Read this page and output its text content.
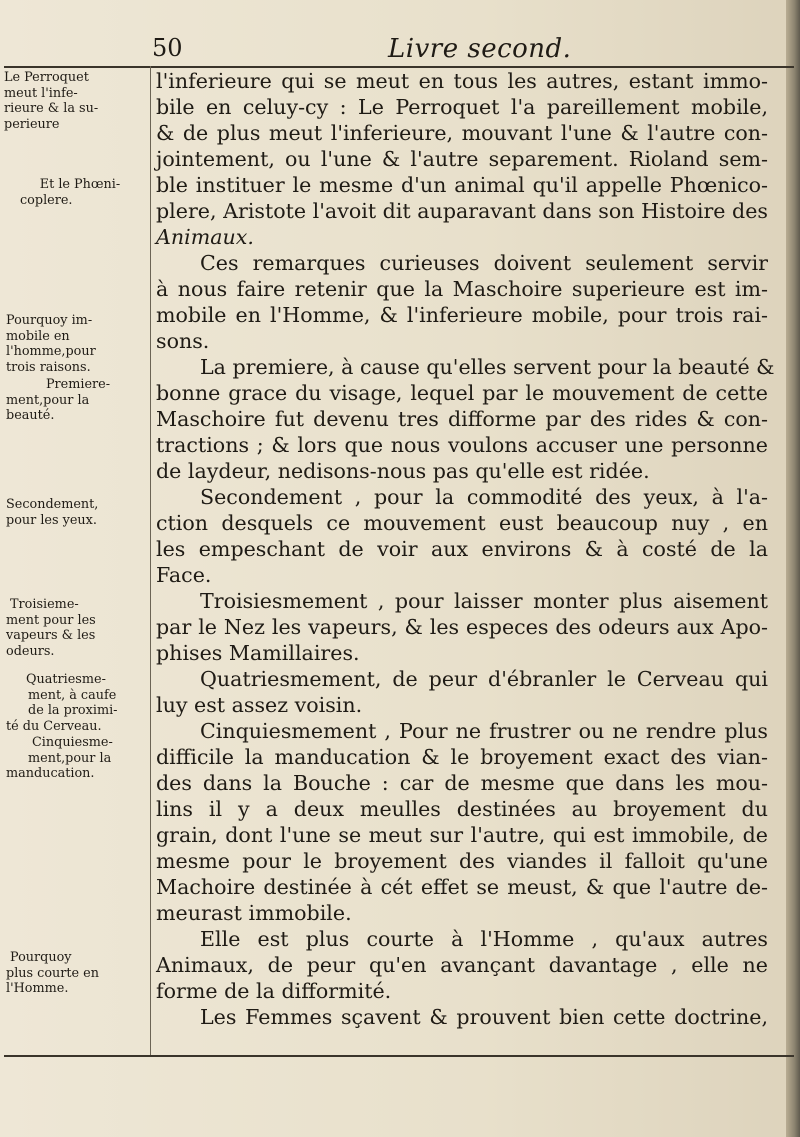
50	Livre second.
Le Perroquet
meut l'infe-
rieure & la su-
perieure
Et le Phœni-
coplere.
Pourquoy im-
mobile en
l'homme,pour
trois raisons.
Premiere-
ment,pour la
beauté.
Secondement,
pour les yeux.
Troisieme-
ment pour les
vapeurs & les
odeurs.
Quatriesme-
ment, à caufe
de la proximi-
té du Cerveau.
Cinquiesme-
ment,pour la
manducation.
Pourquoy
plus courte en
l'Homme.
l'inferieure qui se meut en tous les autres, estant immo-
bile en celuy-cy : Le Perroquet l'a pareillement mobile,
& de plus meut l'inferieure, mouvant l'une & l'autre con-
jointement, ou l'une & l'autre separement. Rioland sem-
ble instituer le mesme d'un animal qu'il appelle Phœnico-
plere, Aristote l'avoit dit auparavant dans son Histoire des
Animaux.
Ces remarques curieuses doivent seulement servir
à nous faire retenir que la Maschoire superieure est im-
mobile en l'Homme, & l'inferieure mobile, pour trois rai-
sons.
La premiere, à cause qu'elles servent pour la beauté &
bonne grace du visage, lequel par le mouvement de cette
Maschoire fut devenu tres difforme par des rides & con-
tractions ; & lors que nous voulons accuser une personne
de laydeur, nedisons-nous pas qu'elle est ridée.
Secondement , pour la commodité des yeux, à l'a-
ction desquels ce mouvement eust beaucoup nuy , en
les empeschant de voir aux environs & à costé de la
Face.
Troisiesmement , pour laisser monter plus aisement
par le Nez les vapeurs, & les especes des odeurs aux Apo-
phises Mamillaires.
Quatriesmement, de peur d'ébranler le Cerveau qui
luy est assez voisin.
Cinquiesmement , Pour ne frustrer ou ne rendre plus
difficile la manducation & le broyement exact des vian-
des dans la Bouche : car de mesme que dans les mou-
lins il y a deux meulles destinées au broyement du
grain, dont l'une se meut sur l'autre, qui est immobile, de
mesme pour le broyement des viandes il falloit qu'une
Machoire destinée à cét effet se meust, & que l'autre de-
meurast immobile.
Elle est plus courte à l'Homme , qu'aux autres
Animaux, de peur qu'en avançant davantage , elle ne
forme de la difformité.
Les Femmes sçavent & prouvent bien cette doctrine,
